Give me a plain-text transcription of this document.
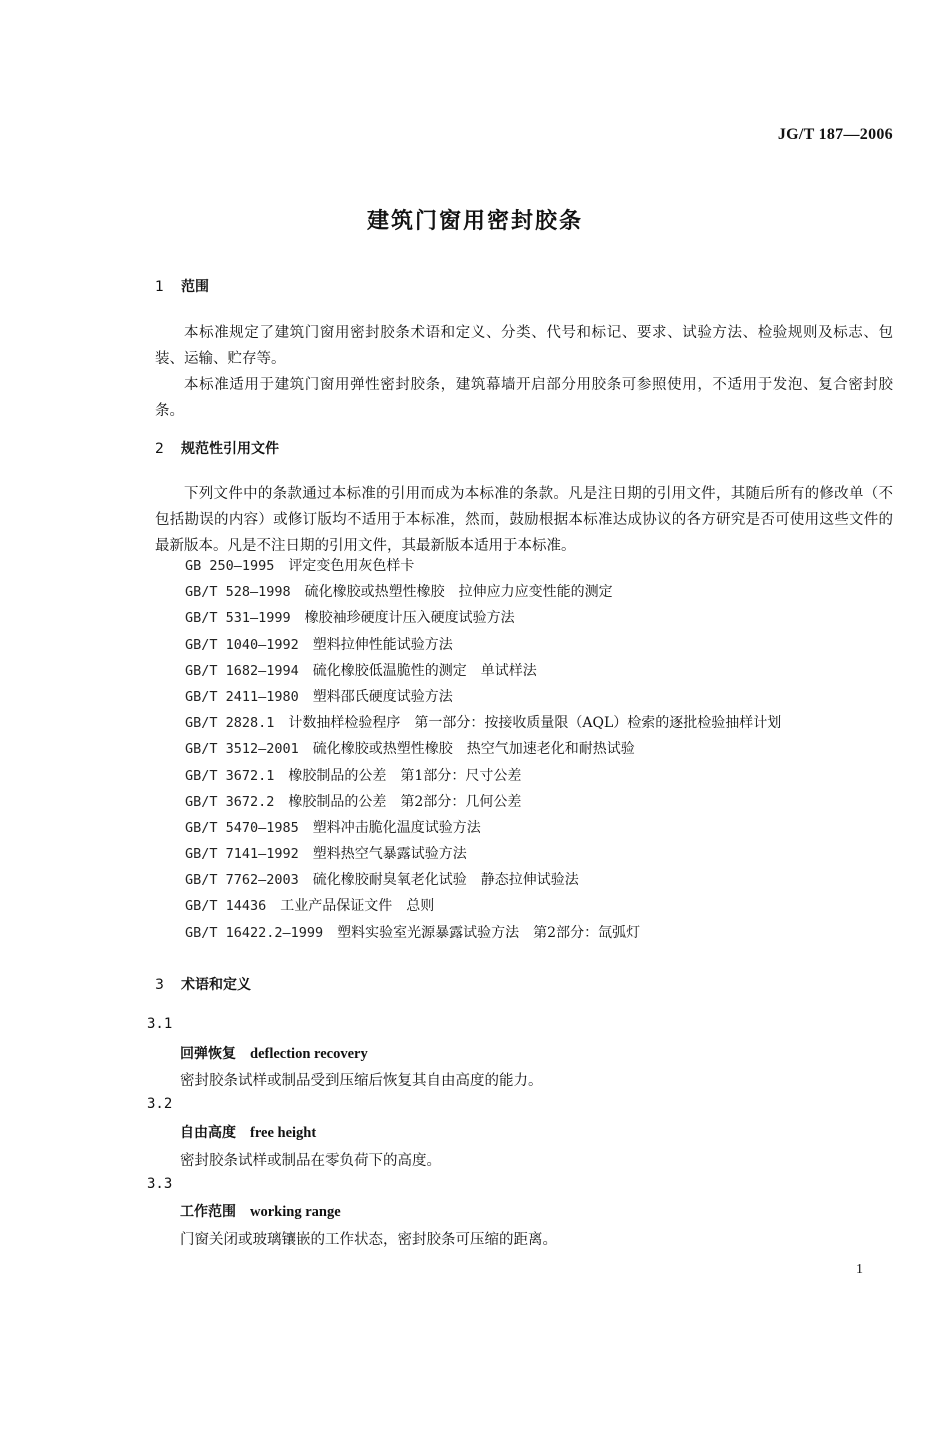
JG/T 187—2006
建筑门窗用密封胶条
1 范围
本标准规定了建筑门窗用密封胶条术语和定义、分类、代号和标记、要求、试验方法、检验规则及标志、包装、运输、贮存等。
本标准适用于建筑门窗用弹性密封胶条，建筑幕墙开启部分用胶条可参照使用，不适用于发泡、复合密封胶条。
2 规范性引用文件
下列文件中的条款通过本标准的引用而成为本标准的条款。凡是注日期的引用文件，其随后所有的修改单（不包括勘误的内容）或修订版均不适用于本标准，然而，鼓励根据本标准达成协议的各方研究是否可使用这些文件的最新版本。凡是不注日期的引用文件，其最新版本适用于本标准。
GB 250—1995 评定变色用灰色样卡
GB/T 528—1998 硫化橡胶或热塑性橡胶　拉伸应力应变性能的测定
GB/T 531—1999 橡胶袖珍硬度计压入硬度试验方法
GB/T 1040—1992 塑料拉伸性能试验方法
GB/T 1682—1994 硫化橡胶低温脆性的测定　单试样法
GB/T 2411—1980 塑料邵氏硬度试验方法
GB/T 2828.1 计数抽样检验程序　第一部分：按接收质量限（AQL）检索的逐批检验抽样计划
GB/T 3512—2001 硫化橡胶或热塑性橡胶　热空气加速老化和耐热试验
GB/T 3672.1 橡胶制品的公差　第1部分：尺寸公差
GB/T 3672.2 橡胶制品的公差　第2部分：几何公差
GB/T 5470—1985 塑料冲击脆化温度试验方法
GB/T 7141—1992 塑料热空气暴露试验方法
GB/T 7762—2003 硫化橡胶耐臭氧老化试验　静态拉伸试验法
GB/T 14436 工业产品保证文件　总则
GB/T 16422.2—1999 塑料实验室光源暴露试验方法　第2部分：氙弧灯
3 术语和定义
3.1
回弹恢复 deflection recovery
密封胶条试样或制品受到压缩后恢复其自由高度的能力。
3.2
自由高度 free height
密封胶条试样或制品在零负荷下的高度。
3.3
工作范围 working range
门窗关闭或玻璃镶嵌的工作状态，密封胶条可压缩的距离。
1
